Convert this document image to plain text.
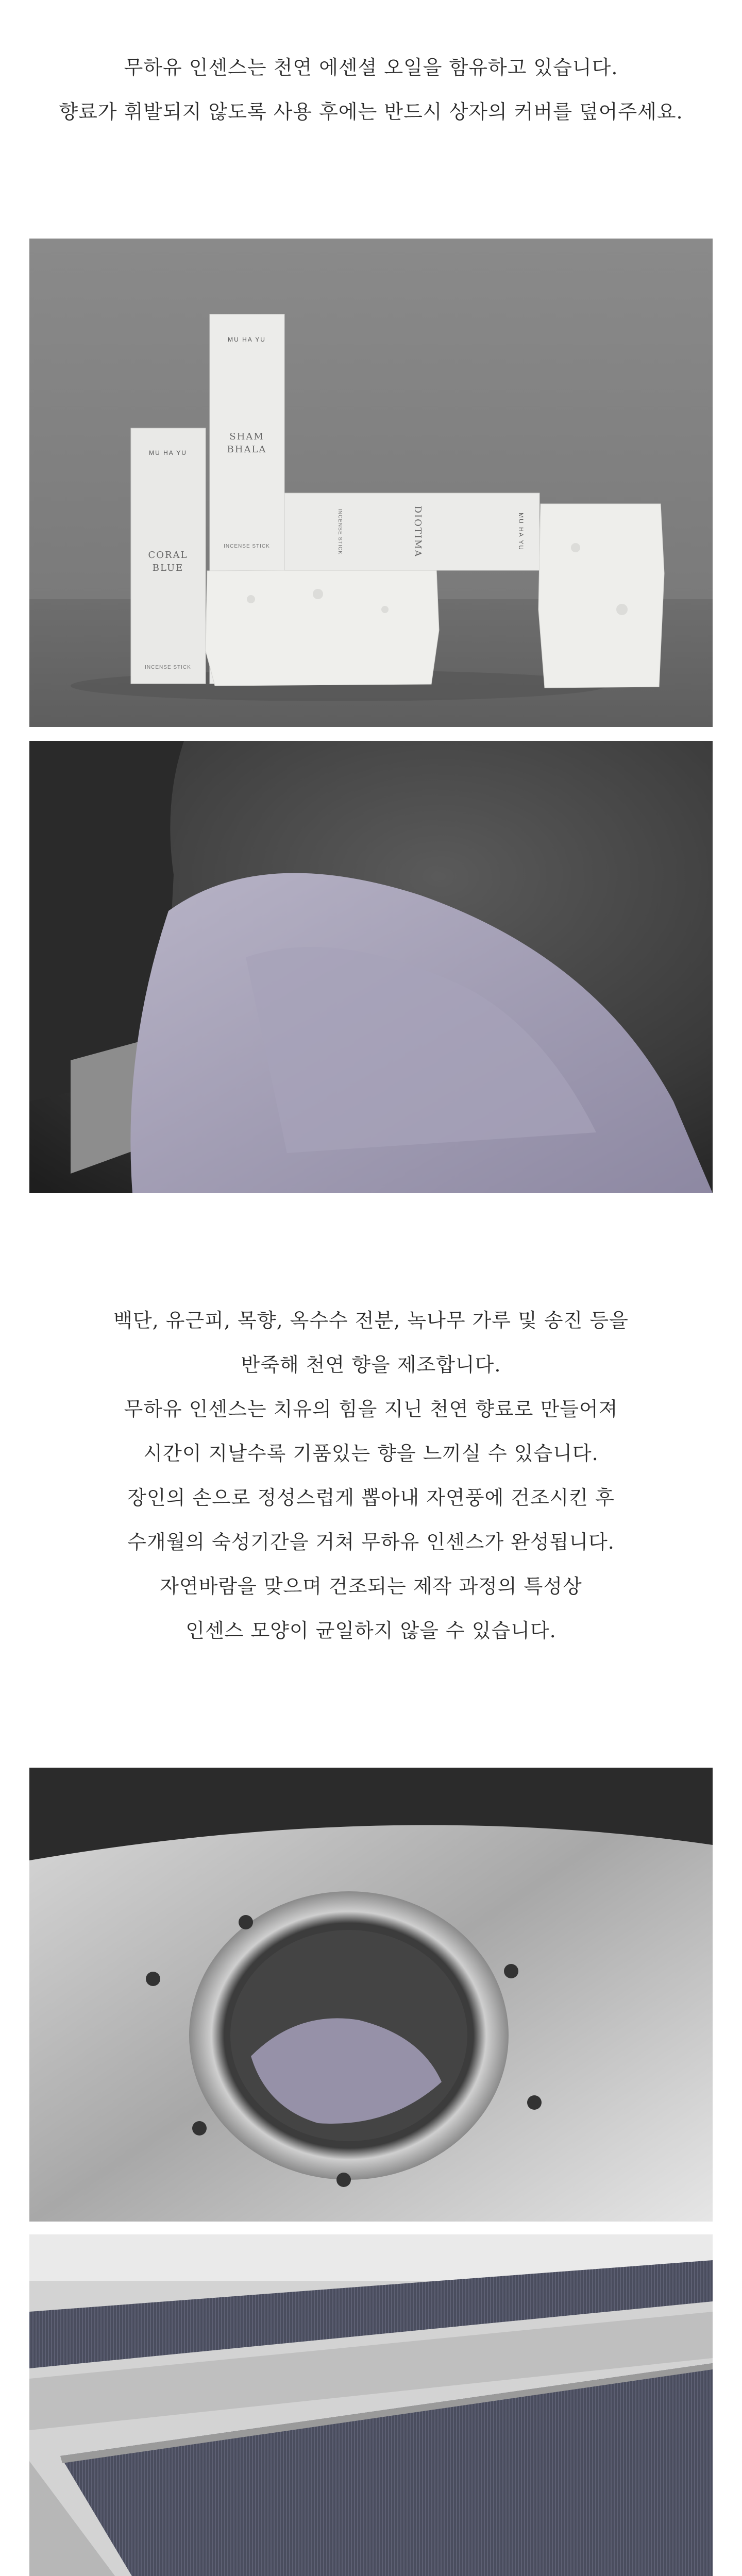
무하유 인센스는 천연 에센셜 오일을 함유하고 있습니다.

향료가 휘발되지 않도록 사용 후에는 반드시 상자의 커버를 덮어주세요.

MU HA YU
CORAL
BLUE
INCENSE STICK
MU HA YU
SHAM
BHALA
INCENSE STICK	DIOTIMA
INCENSE STICK	MU HA YU

백단, 유근피, 목향, 옥수수 전분, 녹나무 가루 및 송진 등을

반죽해 천연 향을 제조합니다.

무하유 인센스는 치유의 힘을 지닌 천연 향료로 만들어져

시간이 지날수록 기품있는 향을 느끼실 수 있습니다.

장인의 손으로 정성스럽게 뽑아내 자연풍에 건조시킨 후

수개월의 숙성기간을 거쳐 무하유 인센스가 완성됩니다.

자연바람을 맞으며 건조되는 제작 과정의 특성상

인센스 모양이 균일하지 않을 수 있습니다.
